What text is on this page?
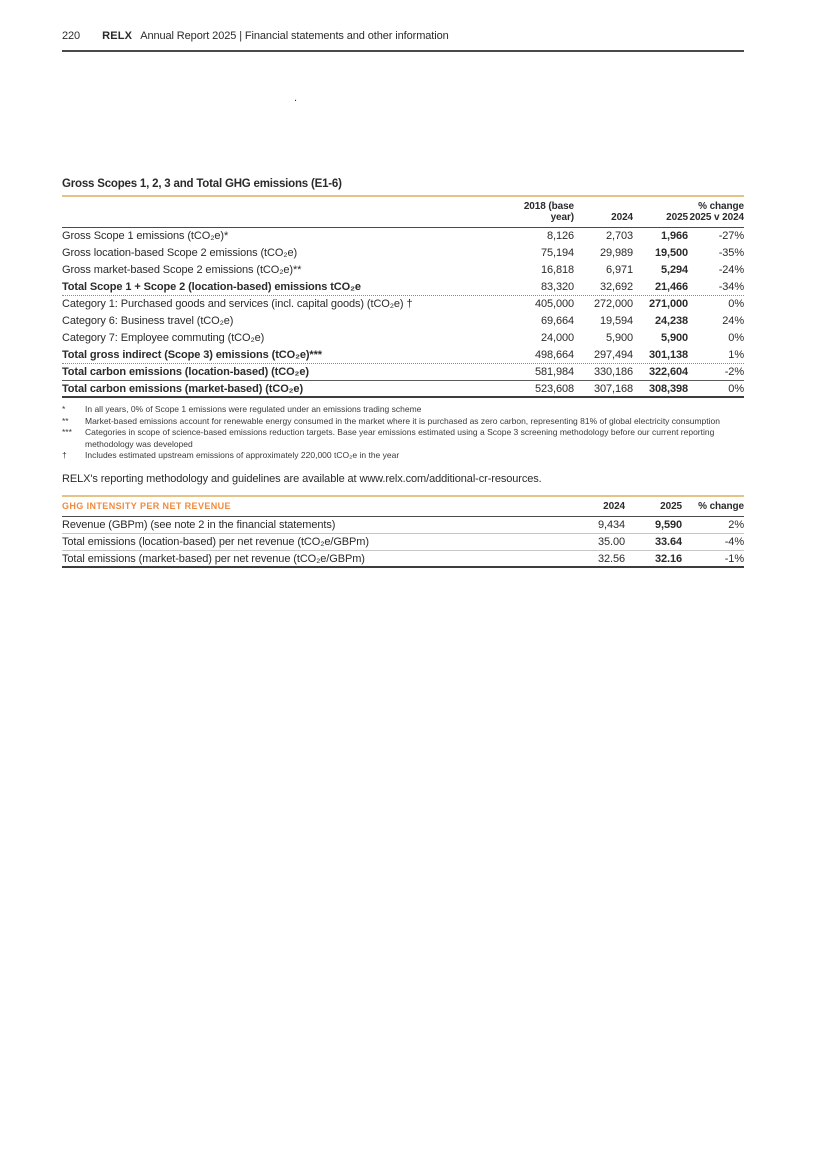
220 RELX Annual Report 2025 | Financial statements and other information
.
Gross Scopes 1, 2, 3 and Total GHG emissions (E1-6)
2018 (base
year)	2024	2025
% change
2025 v 2024
Gross Scope 1 emissions (tCO₂e)*	8,126	2,703	1,966	-27%
Gross location-based Scope 2 emissions (tCO₂e)	75,194	29,989	19,500	-35%
Gross market-based Scope 2 emissions (tCO₂e)**	16,818	6,971	5,294	-24%
Total Scope 1 + Scope 2 (location-based) emissions tCO₂e	83,320	32,692	21,466	-34%
Category 1: Purchased goods and services (incl. capital goods) (tCO₂e) †	405,000	272,000	271,000	0%
Category 6: Business travel (tCO₂e)	69,664	19,594	24,238	24%
Category 7: Employee commuting (tCO₂e)	24,000	5,900	5,900	0%
Total gross indirect (Scope 3) emissions (tCO₂e)***	498,664	297,494	301,138	1%
Total carbon emissions (location-based) (tCO₂e)	581,984	330,186	322,604	-2%
Total carbon emissions (market-based) (tCO₂e)	523,608	307,168	308,398	0%
*	In all years, 0% of Scope 1 emissions were regulated under an emissions trading scheme
**	Market-based emissions account for renewable energy consumed in the market where it is purchased as zero carbon, representing 81% of global electricity consumption
***	Categories in scope of science-based emissions reduction targets. Base year emissions estimated using a Scope 3 screening methodology before our current reporting methodology was developed
†	Includes estimated upstream emissions of approximately 220,000 tCO₂e in the year

RELX's reporting methodology and guidelines are available at www.relx.com/additional-cr-resources.

GHG INTENSITY PER NET REVENUE	2024	2025	% change
Revenue (GBPm) (see note 2 in the financial statements)	9,434	9,590	2%
Total emissions (location-based) per net revenue (tCO₂e/GBPm)	35.00	33.64	-4%
Total emissions (market-based) per net revenue (tCO₂e/GBPm)	32.56	32.16	-1%
